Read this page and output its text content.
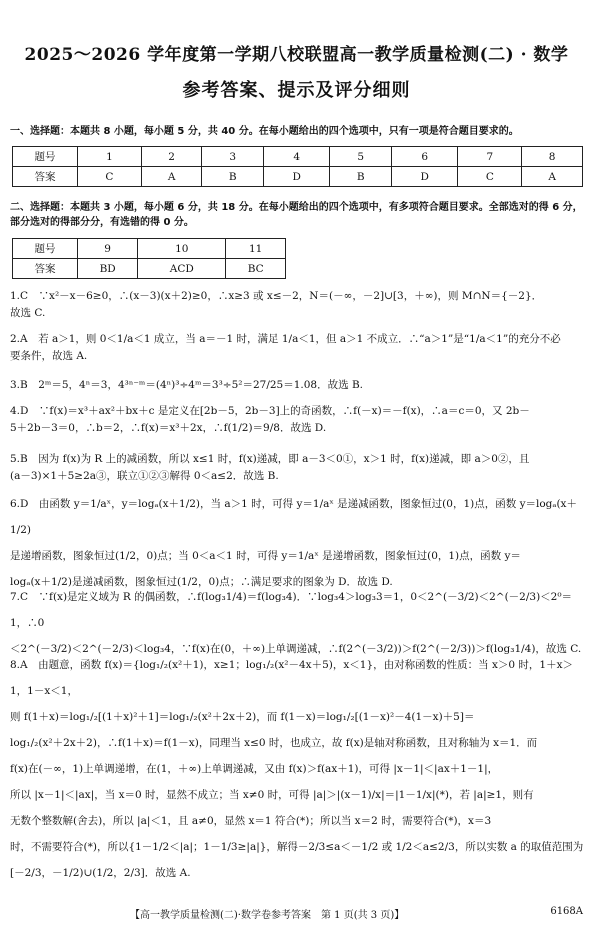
2025～2026 学年度第一学期八校联盟高一教学质量检测(二) · 数学
参考答案、提示及评分细则
一、选择题：本题共 8 小题，每小题 5 分，共 40 分。在每小题给出的四个选项中，只有一项是符合题目要求的。
题号	1	2	3	4	5	6	7	8
答案	C	A	B	D	B	D	C	A
二、选择题：本题共 3 小题，每小题 6 分，共 18 分。在每小题给出的四个选项中，有多项符合题目要求。全部选对的得 6 分，部分选对的得部分分，有选错的得 0 分。
题号	9	10	11
答案	BD	ACD	BC

1.C　∵x²－x－6≥0，∴(x－3)(x＋2)≥0，∴x≥3 或 x≤－2，N＝(－∞，－2]∪[3，＋∞)，则 M∩N＝{－2}．

故选 C.

2.A　若 a＞1，则 0＜1/a＜1 成立，当 a＝－1 时，满足 1/a＜1，但 a＞1 不成立．∴“a＞1”是“1/a＜1”的充分不必

要条件，故选 A.

3.B　2ᵐ＝5，4ⁿ＝3，4³ⁿ⁻ᵐ＝(4ⁿ)³÷4ᵐ＝3³÷5²＝27/25＝1.08．故选 B.

4.D　∵f(x)＝x³＋ax²＋bx＋c 是定义在[2b－5，2b－3]上的奇函数，∴f(－x)＝－f(x)，∴a＝c＝0，又 2b－

5＋2b－3＝0，∴b＝2，∴f(x)＝x³＋2x，∴f(1/2)＝9/8．故选 D.

5.B　因为 f(x)为 R 上的减函数，所以 x≤1 时，f(x)递减，即 a－3＜0①，x＞1 时，f(x)递减，即 a＞0②，且

(a－3)×1＋5≥2a③，联立①②③解得 0＜a≤2．故选 B.

6.D　由函数 y＝1/aˣ，y＝logₐ(x＋1/2)，当 a＞1 时，可得 y＝1/aˣ 是递减函数，图象恒过(0，1)点，函数 y＝logₐ(x＋1/2)

是递增函数，图象恒过(1/2，0)点；当 0＜a＜1 时，可得 y＝1/aˣ 是递增函数，图象恒过(0，1)点，函数 y＝

logₐ(x＋1/2)是递减函数，图象恒过(1/2，0)点；∴满足要求的图象为 D．故选 D.

7.C　∵f(x)是定义域为 R 的偶函数，∴f(log₃1/4)＝f(log₃4)．∵log₃4＞log₃3＝1，0＜2^(－3/2)＜2^(－2/3)＜2⁰＝1，∴0

＜2^(－3/2)＜2^(－2/3)＜log₃4，∵f(x)在(0，＋∞)上单调递减，∴f(2^(－3/2))＞f(2^(－2/3))＞f(log₃1/4)，故选 C.

8.A　由题意，函数 f(x)＝{log₁/₂(x²＋1)，x≥1；log₁/₂(x²－4x＋5)，x＜1}，由对称函数的性质：当 x＞0 时，1＋x＞1，1－x＜1，

则 f(1＋x)＝log₁/₂[(1＋x)²＋1]＝log₁/₂(x²＋2x＋2)，而 f(1－x)＝log₁/₂[(1－x)²－4(1－x)＋5]＝

log₁/₂(x²＋2x＋2)，∴f(1＋x)＝f(1－x)，同理当 x≤0 时，也成立，故 f(x)是轴对称函数，且对称轴为 x＝1．而

f(x)在(－∞，1)上单调递增，在(1，＋∞)上单调递减，又由 f(x)＞f(ax＋1)，可得 |x－1|＜|ax＋1－1|，

所以 |x－1|＜|ax|，当 x＝0 时，显然不成立；当 x≠0 时，可得 |a|＞|(x－1)/x|＝|1－1/x|(*)，若 |a|≥1，则有

无数个整数解(舍去)，所以 |a|＜1，且 a≠0，显然 x＝1 符合(*)；所以当 x＝2 时，需要符合(*)，x＝3

时，不需要符合(*)，所以{1－1/2＜|a|；1－1/3≥|a|}，解得－2/3≤a＜－1/2 或 1/2＜a≤2/3，所以实数 a 的取值范围为

[－2/3，－1/2)∪(1/2，2/3]．故选 A.

【高一教学质量检测(二)·数学卷参考答案　第 1 页(共 3 页)】	6168A
